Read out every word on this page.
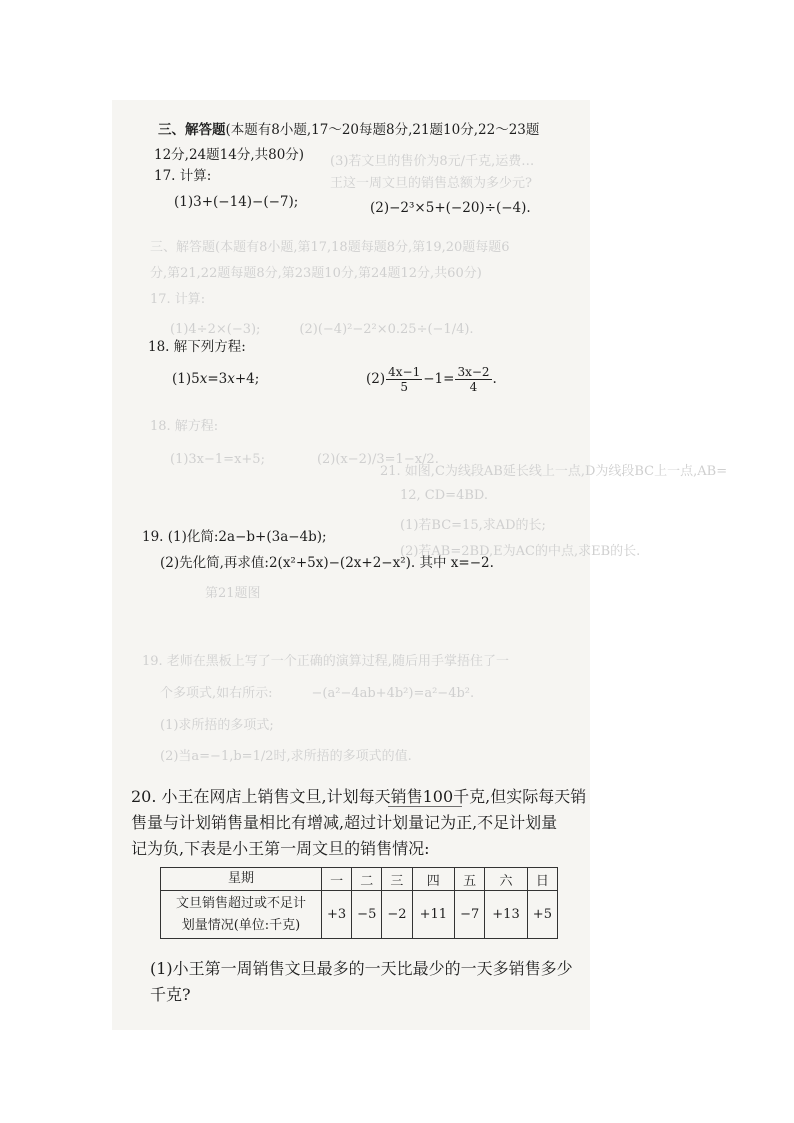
三、解答题(本题有8小题,第17,18题每题8分,第19,20题每题6
分,第21,22题每题8分,第23题10分,第24题12分,共60分)
17. 计算:
(1)4÷2×(−3);　　　(2)(−4)²−2²×0.25÷(−1/4).
18. 解方程:
(1)3x−1=x+5;　　　　(2)(x−2)/3=1−x/2.
21. 如图,C为线段AB延长线上一点,D为线段BC上一点,AB=
12, CD=4BD.
(1)若BC=15,求AD的长;
(2)若AB=2BD,E为AC的中点,求EB的长.
第21题图
19. 老师在黑板上写了一个正确的演算过程,随后用手掌捂住了一
个多项式,如右所示:　　　−(a²−4ab+4b²)=a²−4b².
(1)求所捂的多项式;
(2)当a=−1,b=1/2时,求所捂的多项式的值.
(3)若文旦的售价为8元/千克,运费…
王这一周文旦的销售总额为多少元?
三、解答题(本题有8小题,17～20每题8分,21题10分,22～23题
12分,24题14分,共80分)
17. 计算:
(1)3+(−14)−(−7);	(2)−2³×5+(−20)÷(−4).
18. 解下列方程:
(1)5x=3x+4;	$(2) \frac{4x-1}{5} -1= \frac{3x-2}{4}$ .
19. (1)化简:2a−b+(3a−4b);
(2)先化简,再求值:2(x²+5x)−(2x+2−x²). 其中 x=−2.
20. 小王在网店上销售文旦,计划每天销售100千克,但实际每天销
售量与计划销售量相比有增减,超过计划量记为正,不足计划量
记为负,下表是小王第一周文旦的销售情况:
星期	一	二	三	四	五	六	日
文旦销售超过或不足计
划量情况(单位:千克)	+3	−5	−2	+11	−7	+13	+5
(1)小王第一周销售文旦最多的一天比最少的一天多销售多少
千克?
